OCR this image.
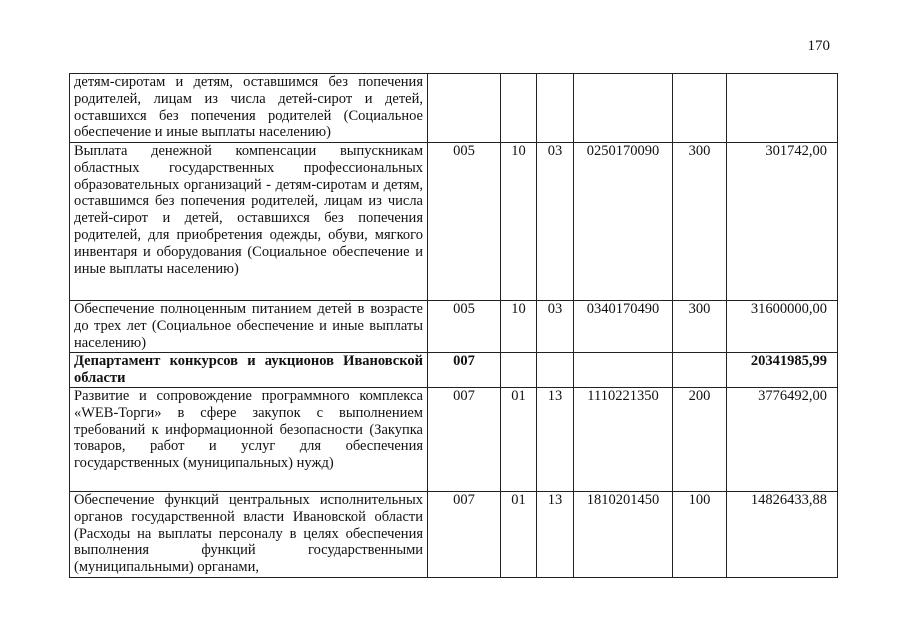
170
детям-сиротам и детям, оставшимся без попечения родителей, лицам из числа детей-сирот и детей, оставшихся без попечения родителей (Социальное обеспечение и иные выплаты населению)						
Выплата денежной компенсации выпускникам областных государственных профессиональных образовательных организаций - детям-сиротам и детям, оставшимся без попечения родителей, лицам из числа детей-сирот и детей, оставшихся без попечения родителей, для приобретения одежды, обуви, мягкого инвентаря и оборудования (Социальное обеспечение и иные выплаты населению)	005	10	03	0250170090	300	301742,00
Обеспечение полноценным питанием детей в возрасте до трех лет (Социальное обеспечение и иные выплаты населению)	005	10	03	0340170490	300	31600000,00
Департамент конкурсов и аукционов Ивановской области	007					20341985,99
Развитие и сопровождение программного комплекса «WEB-Торги» в сфере закупок с выполнением требований к информационной безопасности (Закупка товаров, работ и услуг для обеспечения государственных (муниципальных) нужд)	007	01	13	1110221350	200	3776492,00
Обеспечение функций центральных исполнительных органов государственной власти Ивановской области (Расходы на выплаты персоналу в целях обеспечения выполнения функций государственными (муниципальными) органами,	007	01	13	1810201450	100	14826433,88
